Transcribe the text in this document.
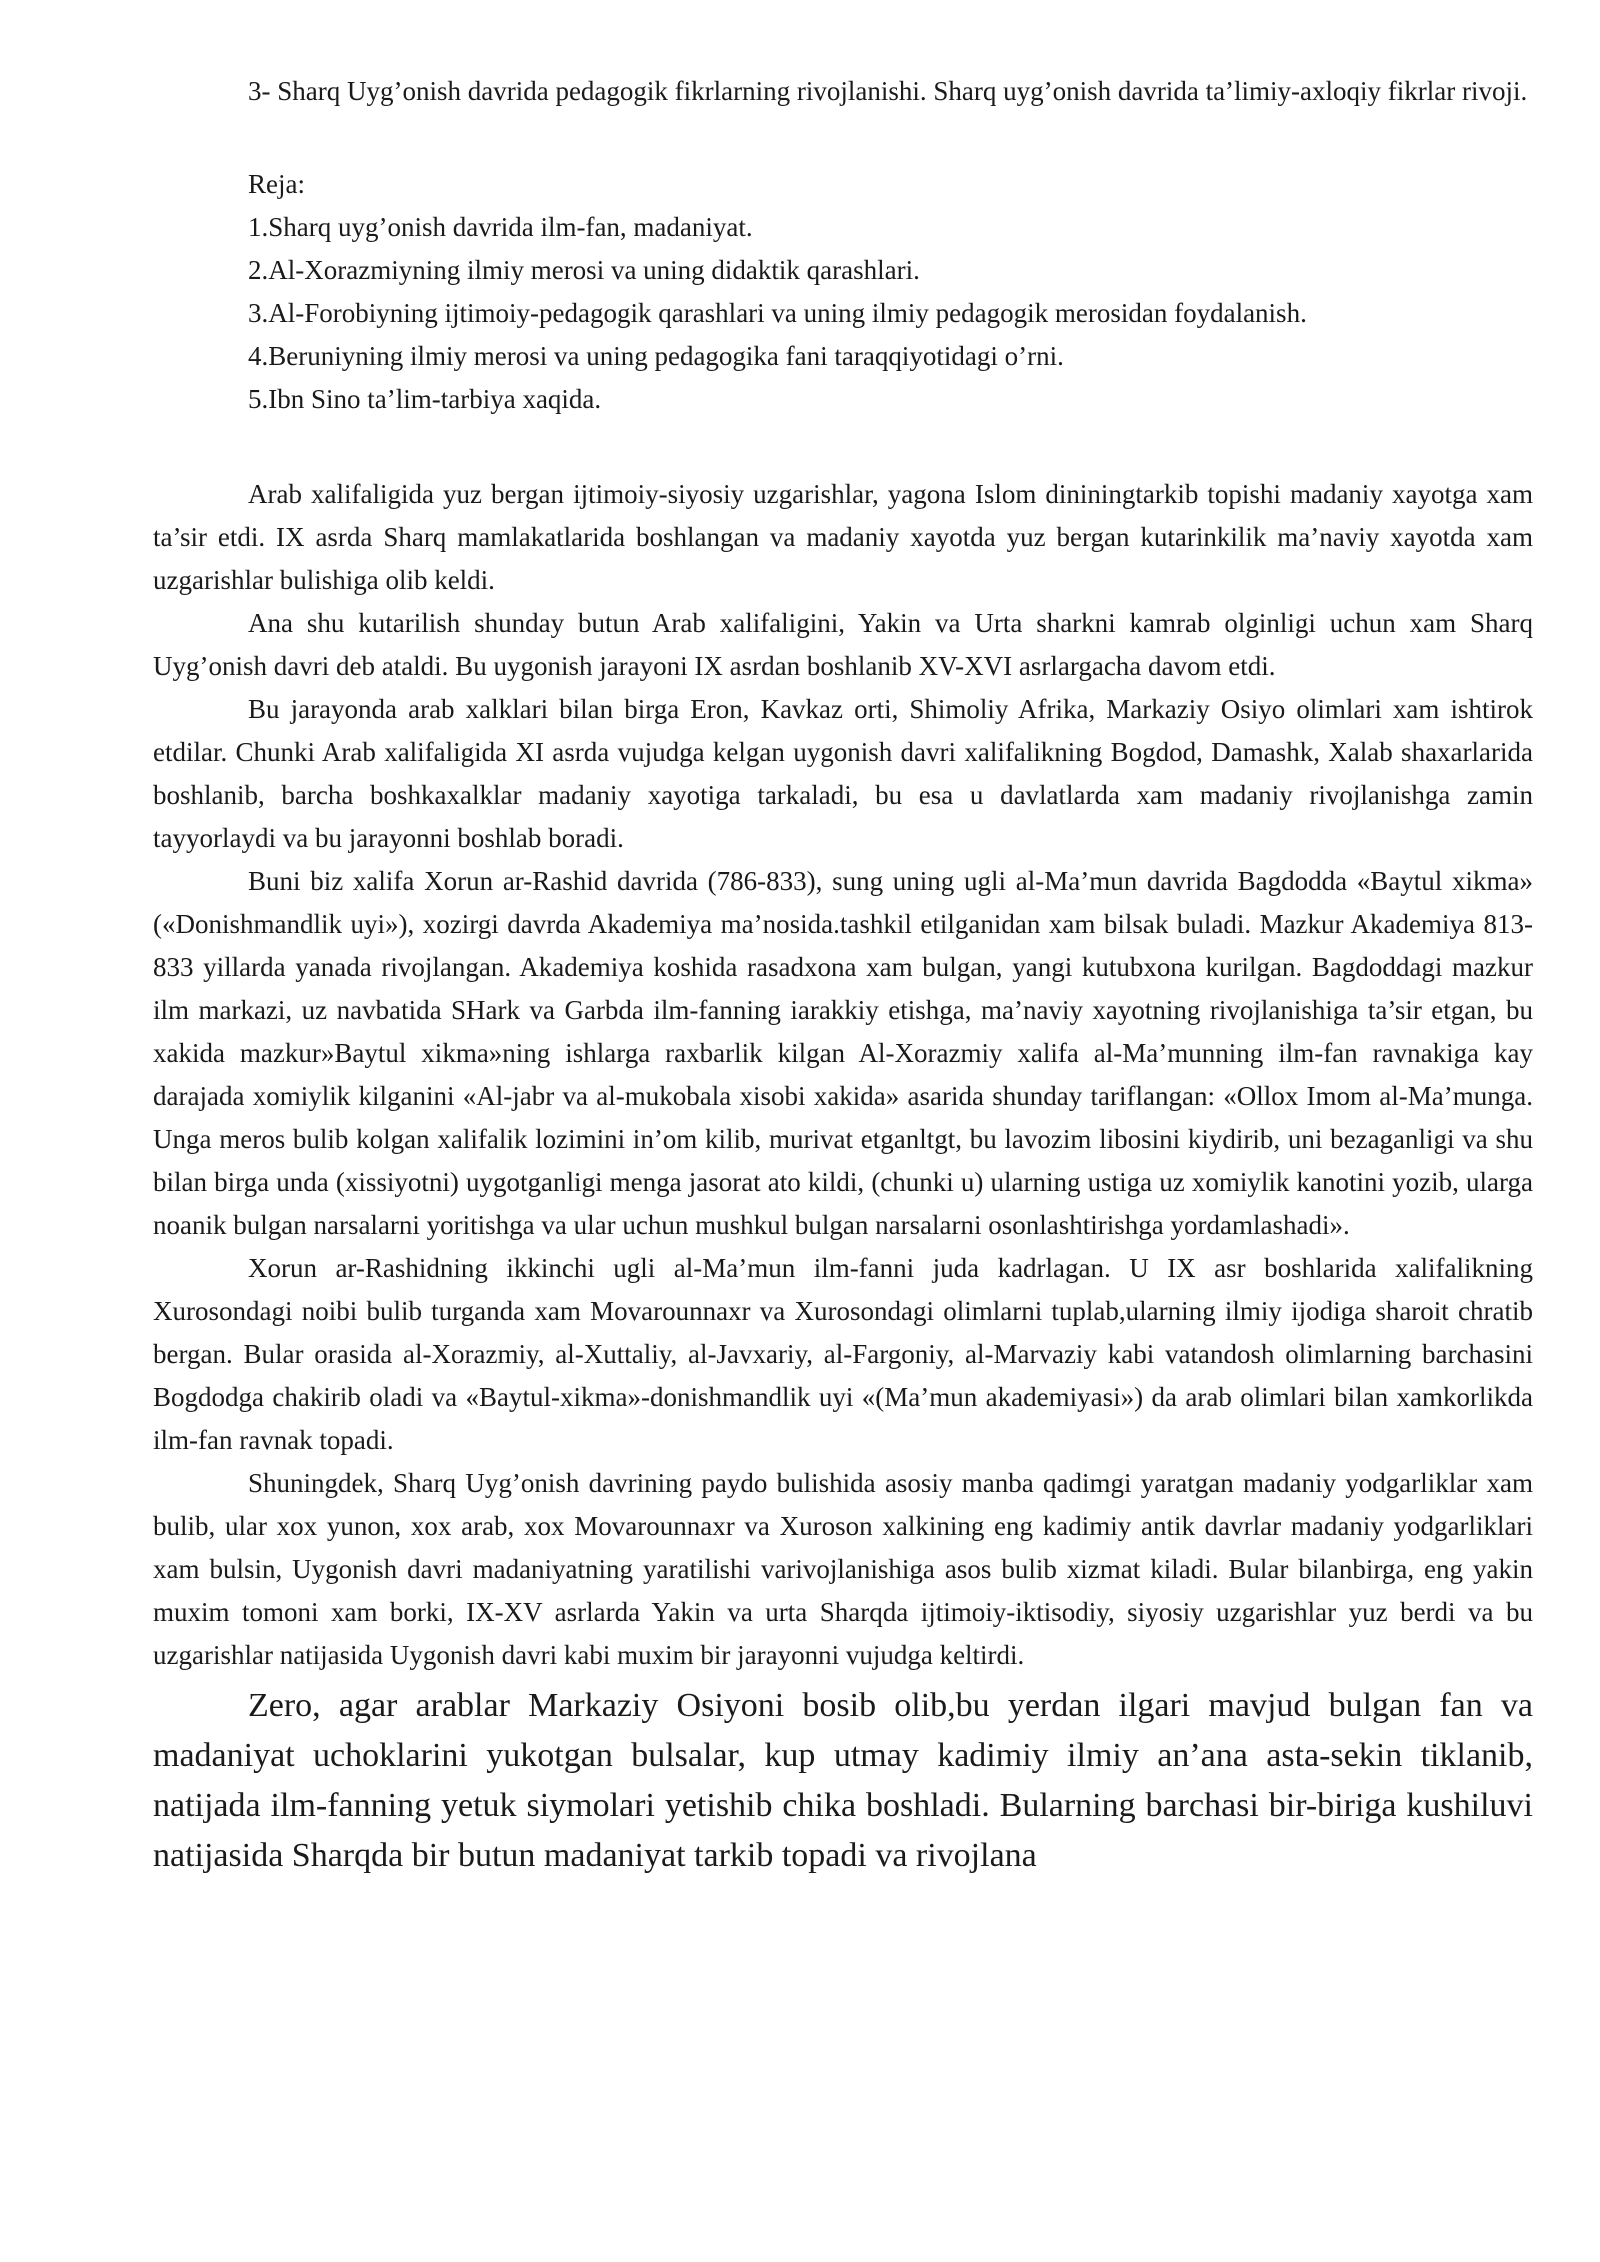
3- Sharq Uyg’onish davrida pedagogik fikrlarning rivojlanishi. Sharq uyg’onish davrida ta’limiy-axloqiy fikrlar rivoji.

Reja:

1.Sharq uyg’onish davrida ilm-fan, madaniyat.
2.Al-Xorazmiyning ilmiy merosi va uning didaktik qarashlari.
3.Al-Forobiyning ijtimoiy-pedagogik qarashlari va uning ilmiy pedagogik merosidan foydalanish.
4.Beruniyning ilmiy merosi va uning pedagogika fani taraqqiyotidagi o’rni.
5.Ibn Sino ta’lim-tarbiya xaqida.

Arab xalifaligida yuz bergan ijtimoiy-siyosiy uzgarishlar, yagona Islom dininingtarkib topishi madaniy xayotga xam ta’sir etdi. IX asrda Sharq mamlakatlarida boshlangan va madaniy xayotda yuz bergan kutarinkilik ma’naviy xayotda xam uzgarishlar bulishiga olib keldi.

Ana shu kutarilish shunday butun Arab xalifaligini, Yakin va Urta sharkni kamrab olginligi uchun xam Sharq Uyg’onish davri deb ataldi. Bu uygonish jarayoni IX asrdan boshlanib XV-XVI asrlargacha davom etdi.

Bu jarayonda arab xalklari bilan birga Eron, Kavkaz orti, Shimoliy Afrika, Markaziy Osiyo olimlari xam ishtirok etdilar. Chunki Arab xalifaligida XI asrda vujudga kelgan uygonish davri xalifalikning Bogdod, Damashk, Xalab shaxarlarida boshlanib, barcha boshkaxalklar madaniy xayotiga tarkaladi, bu esa u davlatlarda xam madaniy rivojlanishga zamin tayyorlaydi va bu jarayonni boshlab boradi.

Buni biz xalifa Xorun ar-Rashid davrida (786-833), sung uning ugli al-Ma’mun davrida Bagdodda «Baytul xikma» («Donishmandlik uyi»), xozirgi davrda Akademiya ma’nosida.tashkil etilganidan xam bilsak buladi. Mazkur Akademiya 813-833 yillarda yanada rivojlangan. Akademiya koshida rasadxona xam bulgan, yangi kutubxona kurilgan. Bagdoddagi mazkur ilm markazi, uz navbatida SHark va Garbda ilm-fanning iarakkiy etishga, ma’naviy xayotning rivojlanishiga ta’sir etgan, bu xakida mazkur»Baytul xikma»ning ishlarga raxbarlik kilgan Al-Xorazmiy xalifa al-Ma’munning ilm-fan ravnakiga kay darajada xomiylik kilganini «Al-jabr va al-mukobala xisobi xakida» asarida shunday tariflangan: «Ollox Imom al-Ma’munga. Unga meros bulib kolgan xalifalik lozimini in’om kilib, murivat etganltgt, bu lavozim libosini kiydirib, uni bezaganligi va shu bilan birga unda (xissiyotni) uygotganligi menga jasorat ato kildi, (chunki u) ularning ustiga uz xomiylik kanotini yozib, ularga noanik bulgan narsalarni yoritishga va ular uchun mushkul bulgan narsalarni osonlashtirishga yordamlashadi».

Xorun ar-Rashidning ikkinchi ugli al-Ma’mun ilm-fanni juda kadrlagan. U IX asr boshlarida xalifalikning Xurosondagi noibi bulib turganda xam Movarounnaxr va Xurosondagi olimlarni tuplab,ularning ilmiy ijodiga sharoit chratib bergan. Bular orasida al-Xorazmiy, al-Xuttaliy, al-Javxariy, al-Fargoniy, al-Marvaziy kabi vatandosh olimlarning barchasini Bogdodga chakirib oladi va «Baytul-xikma»-donishmandlik uyi «(Ma’mun akademiyasi») da arab olimlari bilan xamkorlikda ilm-fan ravnak topadi.

Shuningdek, Sharq Uyg’onish davrining paydo bulishida asosiy manba qadimgi yaratgan madaniy yodgarliklar xam bulib, ular xox yunon, xox arab, xox Movarounnaxr va Xuroson xalkining eng kadimiy antik davrlar madaniy yodgarliklari xam bulsin, Uygonish davri madaniyatning yaratilishi varivojlanishiga asos bulib xizmat kiladi. Bular bilanbirga, eng yakin muxim tomoni xam borki, IX-XV asrlarda Yakin va urta Sharqda ijtimoiy-iktisodiy, siyosiy uzgarishlar yuz berdi va bu uzgarishlar natijasida Uygonish davri kabi muxim bir jarayonni vujudga keltirdi.

Zero, agar arablar Markaziy Osiyoni bosib olib,bu yerdan ilgari mavjud bulgan fan va madaniyat uchoklarini yukotgan bulsalar, kup utmay kadimiy ilmiy an’ana asta-sekin tiklanib, natijada ilm-fanning yetuk siymolari yetishib chika boshladi. Bularning barchasi bir-biriga kushiluvi natijasida Sharqda bir butun madaniyat tarkib topadi va rivojlana
